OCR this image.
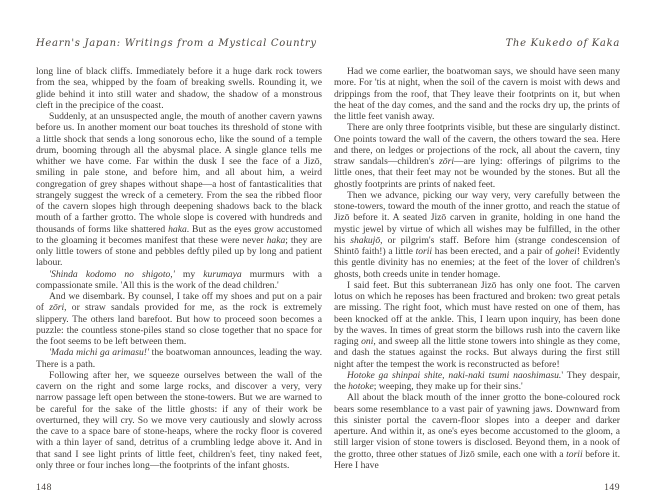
Hearn's Japan: Writings from a Mystical Country

long line of black cliffs. Immediately before it a huge dark rock towers from the sea, whipped by the foam of breaking swells. Rounding it, we glide behind it into still water and shadow, the shadow of a monstrous cleft in the precipice of the coast.

Suddenly, at an unsuspected angle, the mouth of another cavern yawns before us. In another moment our boat touches its threshold of stone with a little shock that sends a long sonorous echo, like the sound of a temple drum, booming through all the abysmal place. A single glance tells me whither we have come. Far within the dusk I see the face of a Jizō, smiling in pale stone, and before him, and all about him, a weird congregation of grey shapes without shape—a host of fantasticalities that strangely suggest the wreck of a cemetery. From the sea the ribbed floor of the cavern slopes high through deepening shadows back to the black mouth of a farther grotto. The whole slope is covered with hundreds and thousands of forms like shattered haka. But as the eyes grow accustomed to the gloaming it becomes manifest that these were never haka; they are only little towers of stone and pebbles deftly piled up by long and patient labour.

'Shinda kodomo no shigoto,' my kurumaya murmurs with a compassionate smile. 'All this is the work of the dead children.'

And we disembark. By counsel, I take off my shoes and put on a pair of zōri, or straw sandals provided for me, as the rock is extremely slippery. The others land barefoot. But how to proceed soon becomes a puzzle: the countless stone-piles stand so close together that no space for the foot seems to be left between them.

'Mada michi ga arimasu!' the boatwoman announces, leading the way. There is a path.

Following after her, we squeeze ourselves between the wall of the cavern on the right and some large rocks, and discover a very, very narrow passage left open between the stone-towers. But we are warned to be careful for the sake of the little ghosts: if any of their work be overturned, they will cry. So we move very cautiously and slowly across the cave to a space bare of stone-heaps, where the rocky floor is covered with a thin layer of sand, detritus of a crumbling ledge above it. And in that sand I see light prints of little feet, children's feet, tiny naked feet, only three or four inches long—the footprints of the infant ghosts.

148
The Kukedo of Kaka

Had we come earlier, the boatwoman says, we should have seen many more. For 'tis at night, when the soil of the cavern is moist with dews and drippings from the roof, that They leave their footprints on it, but when the heat of the day comes, and the sand and the rocks dry up, the prints of the little feet vanish away.

There are only three footprints visible, but these are singularly distinct. One points toward the wall of the cavern, the others toward the sea. Here and there, on ledges or projections of the rock, all about the cavern, tiny straw sandals—children's zōri—are lying: offerings of pilgrims to the little ones, that their feet may not be wounded by the stones. But all the ghostly footprints are prints of naked feet.

Then we advance, picking our way very, very carefully between the stone-towers, toward the mouth of the inner grotto, and reach the statue of Jizō before it. A seated Jizō carven in granite, holding in one hand the mystic jewel by virtue of which all wishes may be fulfilled, in the other his shakujō, or pilgrim's staff. Before him (strange condescension of Shintō faith!) a little torii has been erected, and a pair of gohei! Evidently this gentle divinity has no enemies; at the feet of the lover of children's ghosts, both creeds unite in tender homage.

I said feet. But this subterranean Jizō has only one foot. The carven lotus on which he reposes has been fractured and broken: two great petals are missing. The right foot, which must have rested on one of them, has been knocked off at the ankle. This, I learn upon inquiry, has been done by the waves. In times of great storm the billows rush into the cavern like raging oni, and sweep all the little stone towers into shingle as they come, and dash the statues against the rocks. But always during the first still night after the tempest the work is reconstructed as before!

Hotoke ga shinpai shite, naki-naki tsumi naoshimasu.' They despair, the hotoke; weeping, they make up for their sins.'

All about the black mouth of the inner grotto the bone-coloured rock bears some resemblance to a vast pair of yawning jaws. Downward from this sinister portal the cavern-floor slopes into a deeper and darker aperture. And within it, as one's eyes become accustomed to the gloom, a still larger vision of stone towers is disclosed. Beyond them, in a nook of the grotto, three other statues of Jizō smile, each one with a torii before it. Here I have

149
